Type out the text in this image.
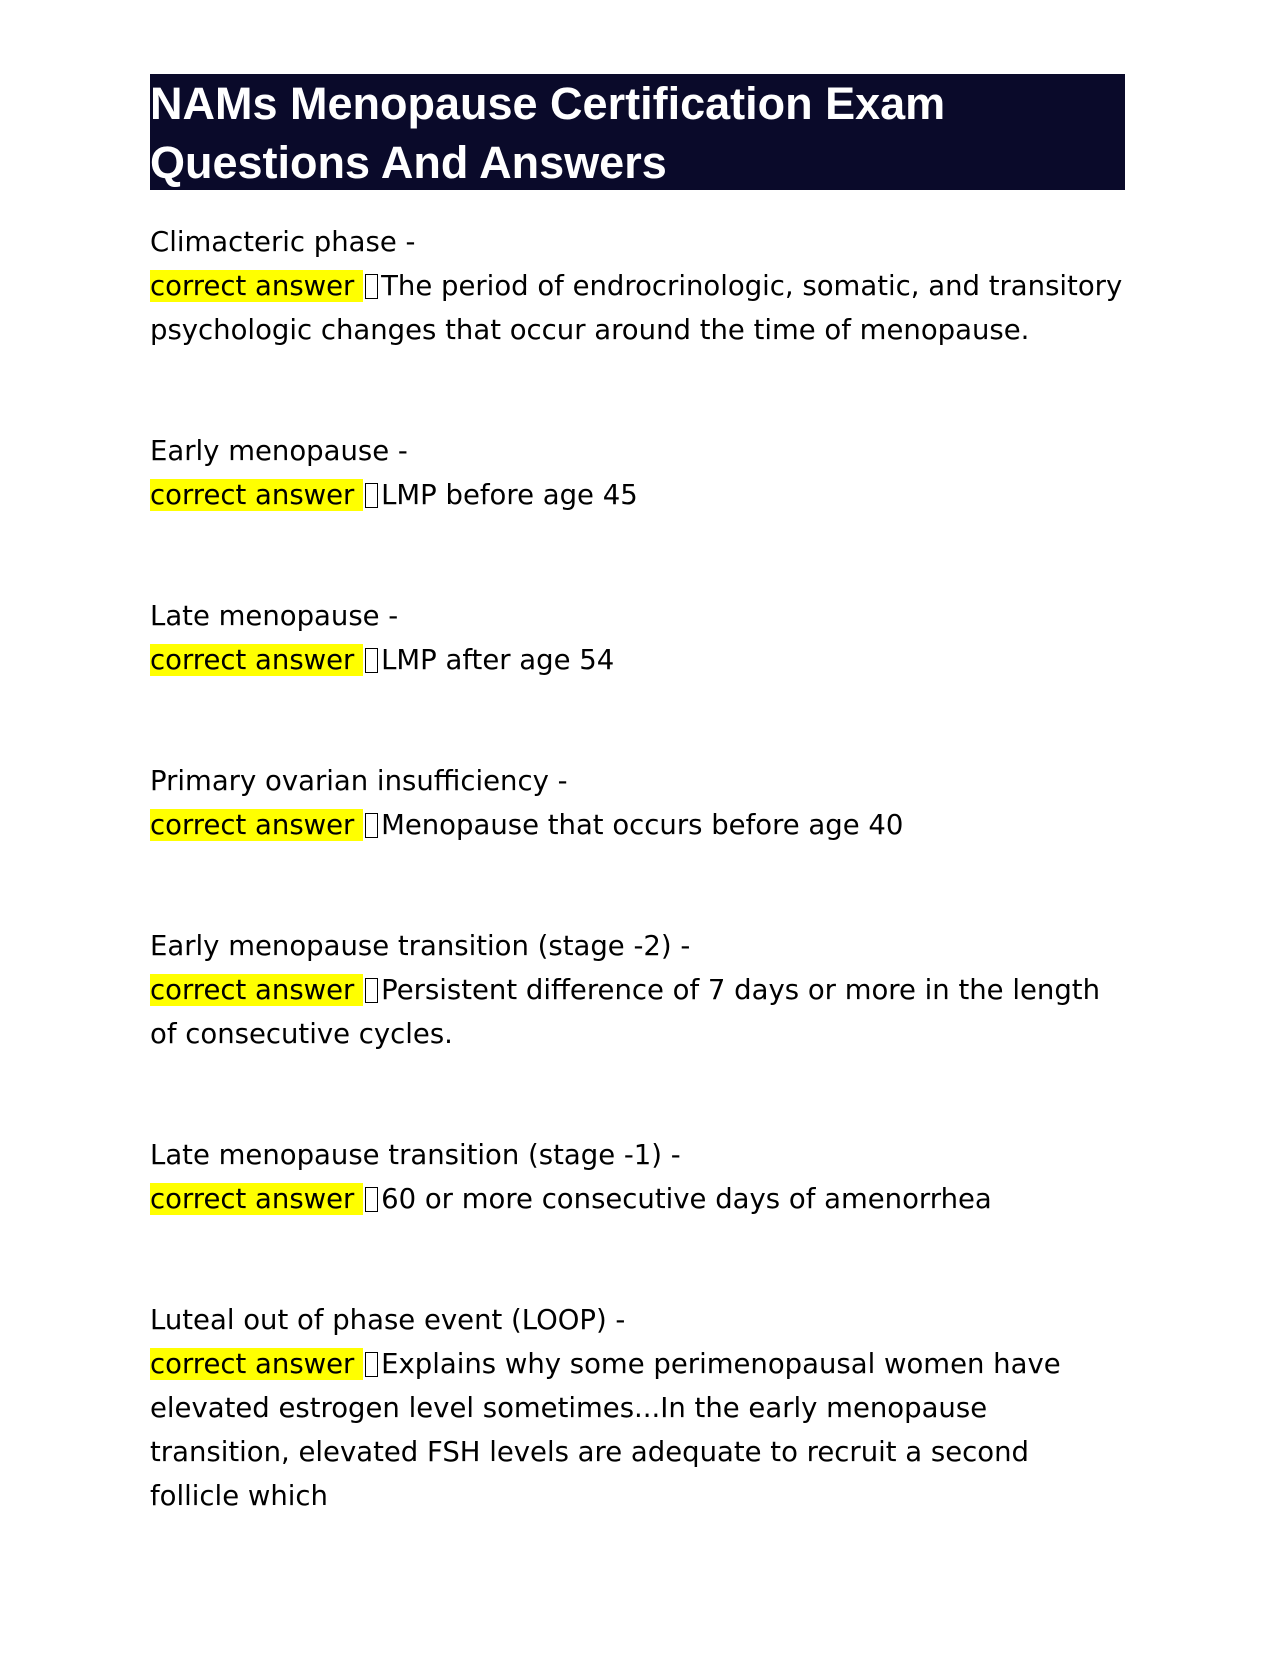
NAMs Menopause Certification Exam
Questions And Answers
Climacteric phase -
correct answer The period of endrocrinologic, somatic, and transitory psychologic changes that occur around the time of menopause.
Early menopause -
correct answer LMP before age 45
Late menopause -
correct answer LMP after age 54
Primary ovarian insufficiency -
correct answer Menopause that occurs before age 40
Early menopause transition (stage -2) -
correct answer Persistent difference of 7 days or more in the length of consecutive cycles.
Late menopause transition (stage -1) -
correct answer 60 or more consecutive days of amenorrhea
Luteal out of phase event (LOOP) -
correct answer Explains why some perimenopausal women have elevated estrogen level sometimes...In the early menopause transition, elevated FSH levels are adequate to recruit a second follicle which
